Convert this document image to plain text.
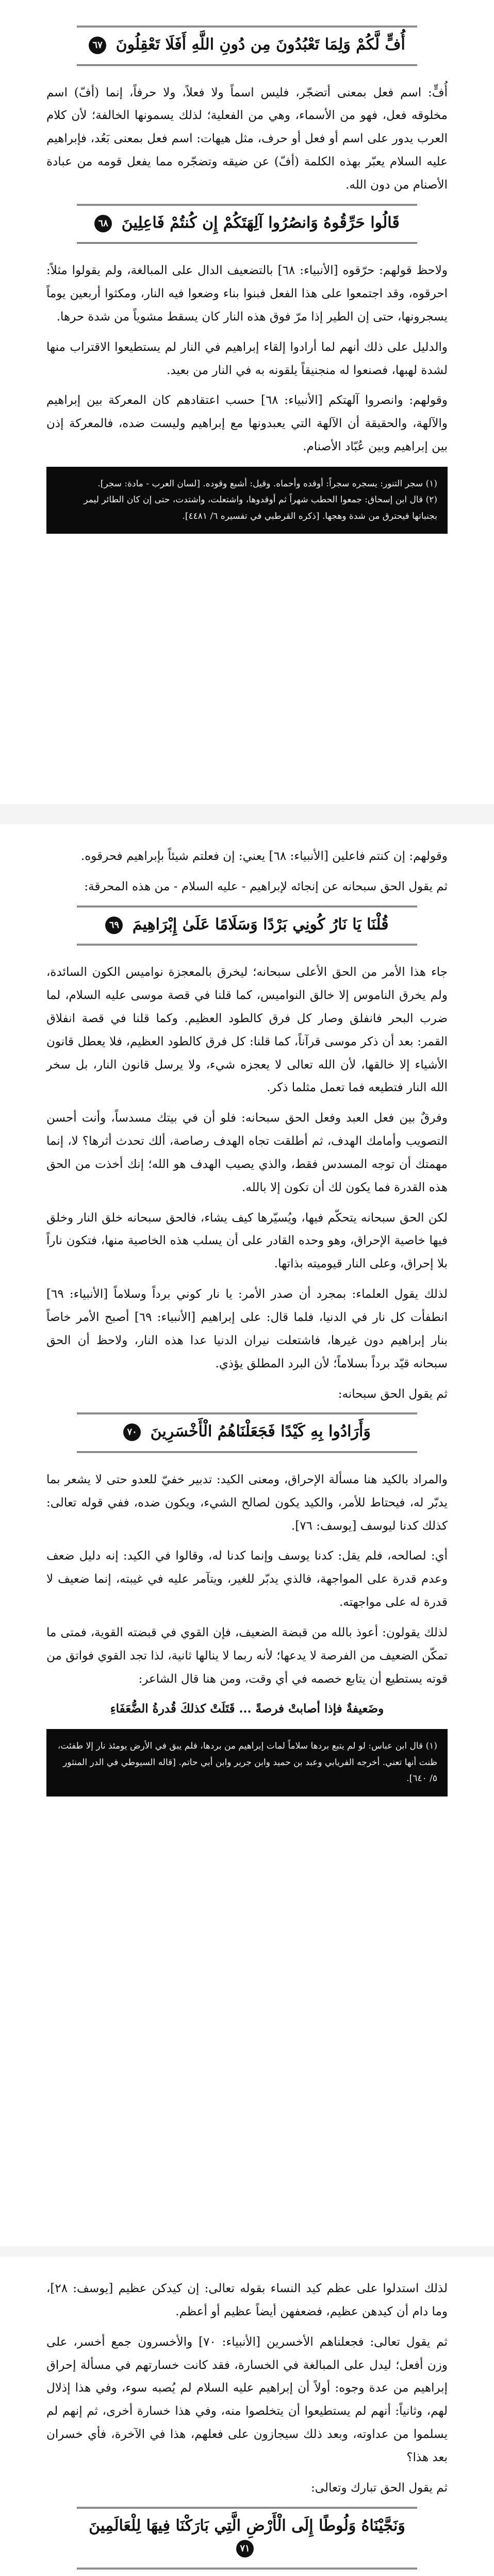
أُفٍّ لَّكُمْ وَلِمَا تَعْبُدُونَ مِن دُونِ اللَّهِ أَفَلَا تَعْقِلُونَ ٦٧

أُفٍّ: اسم فعل بمعنى أتضجّر، فليس اسماً ولا فعلاً، ولا حرفاً، إنما (أفّ) اسم مخلوقه فعل، فهو من الأسماء، وهي من الفعلية؛ لذلك يسمونها الخالفة؛ لأن كلام العرب يدور على اسم أو فعل أو حرف، مثل هيهات: اسم فعل بمعنى بَعُد، فإبراهيم عليه السلام يعبّر بهذه الكلمة (أفّ) عن ضيقه وتضجّره مما يفعل قومه من عبادة الأصنام من دون الله.

قَالُوا حَرِّقُوهُ وَانصُرُوا آلِهَتَكُمْ إِن كُنتُمْ فَاعِلِينَ ٦٨

ولاحظ قولهم: حرّقوه [الأنبياء: ٦٨] بالتضعيف الدال على المبالغة، ولم يقولوا مثلاً: احرقوه، وقد اجتمعوا على هذا الفعل فبنوا بناء وضعوا فيه النار، ومكثوا أربعين يوماً يسجرونها، حتى إن الطير إذا مرّ فوق هذه النار كان يسقط مشوياً من شدة حرها.

والدليل على ذلك أنهم لما أرادوا إلقاء إبراهيم في النار لم يستطيعوا الاقتراب منها لشدة لهبها، فصنعوا له منجنيقاً يلقونه به في النار من بعيد.

وقولهم: وانصروا آلهتكم [الأنبياء: ٦٨] حسب اعتقادهم كان المعركة بين إبراهيم والآلهة، والحقيقة أن الآلهة التي يعبدونها مع إبراهيم وليست ضده، فالمعركة إذن بين إبراهيم وبين عُبّاد الأصنام.

(١) سجر التنور: يسجره سجراً: أوقده وأحماه. وقيل: أشبع وقوده. [لسان العرب - مادة: سجر].
(٢) قال ابن إسحاق: جمعوا الحطب شهراً ثم أوقدوها، واشتعلت، واشتدت، حتى إن كان الطائر ليمر بجنباتها فيحترق من شدة وهجها. [ذكره القرطبي في تفسيره ٦/ ٤٤٨١].

وقولهم: إن كنتم فاعلين [الأنبياء: ٦٨] يعني: إن فعلتم شيئاً بإبراهيم فحرقوه.

ثم يقول الحق سبحانه عن إنجائه لإبراهيم - عليه السلام - من هذه المحرقة:

قُلْنَا يَا نَارُ كُونِي بَرْدًا وَسَلَامًا عَلَىٰ إِبْرَاهِيمَ ٦٩

جاء هذا الأمر من الحق الأعلى سبحانه؛ ليخرق بالمعجزة نواميس الكون السائدة، ولم يخرق الناموس إلا خالق النواميس، كما قلنا في قصة موسى عليه السلام، لما ضرب البحر فانفلق وصار كل فرق كالطود العظيم. وكما قلنا في قصة انفلاق القمر: بعد أن ذكر موسى قرآناً، كما قلنا: كل فرق كالطود العظيم، فلا يعطل قانون الأشياء إلا خالقها، لأن الله تعالى لا يعجزه شيء، ولا يرسل قانون النار، بل سخر الله النار فتطيعه فما تعمل مثلما ذكر.

وفرقٌ بين فعل العبد وفعل الحق سبحانه: فلو أن في بيتك مسدساً، وأنت أحسن التصويب وأمامك الهدف، ثم أطلقت تجاه الهدف رصاصة، ألك تحدث أثرها؟ لا، إنما مهمتك أن توجه المسدس فقط، والذي يصيب الهدف هو الله؛ إنك أخذت من الحق هذه القدرة فما يكون لك أن تكون إلا بالله.

لكن الحق سبحانه يتحكّم فيها، ويُسيّرها كيف يشاء، فالحق سبحانه خلق النار وخلق فيها خاصية الإحراق، وهو وحده القادر على أن يسلب هذه الخاصية منها، فتكون ناراً بلا إحراق، وعلى النار قيوميته بذاتها.

لذلك يقول العلماء: بمجرد أن صدر الأمر: يا نار كوني برداً وسلاماً [الأنبياء: ٦٩] انطفأت كل نار في الدنيا، فلما قال: على إبراهيم [الأنبياء: ٦٩] أصبح الأمر خاصاً بنار إبراهيم دون غيرها، فاشتعلت نيران الدنيا عدا هذه النار، ولاحظ أن الحق سبحانه قيّد برداً بسلاماً؛ لأن البرد المطلق يؤذي.

ثم يقول الحق سبحانه:

وَأَرَادُوا بِهِ كَيْدًا فَجَعَلْنَاهُمُ الْأَخْسَرِينَ ٧٠

والمراد بالكيد هنا مسألة الإحراق، ومعنى الكيد: تدبير خفيّ للعدو حتى لا يشعر بما يدبّر له، فيحتاط للأمر، والكيد يكون لصالح الشيء، ويكون ضده، ففي قوله تعالى: كذلك كدنا ليوسف [يوسف: ٧٦].

أي: لصالحه، فلم يقل: كدنا يوسف وإنما كدنا له، وقالوا في الكيد: إنه دليل ضعف وعدم قدرة على المواجهة، فالذي يدبّر للغير، ويتآمر عليه في غيبته، إنما ضعيف لا قدرة له على مواجهته.

لذلك يقولون: أعوذ بالله من قبضة الضعيف، فإن القوي في قبضته القوية، فمتى ما تمكّن الضعيف من الفرصة لا يدعها؛ لأنه ربما لا ينالها ثانية، لذا تجد القوي فواتق من قوته يستطيع أن يتابع خصمه في أي وقت، ومن هنا قال الشاعر:

وضَعيفةٌ فإذا أصابتْ فرصةً ... قَتَلَتْ كذلكَ قُدرةُ الضُّعَفَاءِ

(١) قال ابن عباس: لو لم يتبع بردها سلاماً لمات إبراهيم من بردها، فلم يبق في الأرض يومئذ نار إلا طفئت، ظنت أنها تعني. أخرجه الفريابي وعبد بن حميد وابن جرير وابن أبي حاتم. [قاله السيوطي في الدر المنثور ٥/ ٦٤٠].

لذلك استدلوا على عظم كيد النساء بقوله تعالى: إن كيدكن عظيم [يوسف: ٢٨]، وما دام أن كيدهن عظيم، فضعفهن أيضاً عظيم أو أعظم.

ثم يقول تعالى: فجعلناهم الأخسرين [الأنبياء: ٧٠] والأخسرون جمع أخسر، على وزن أفعل؛ ليدل على المبالغة في الخسارة، فقد كانت خسارتهم في مسألة إحراق إبراهيم من عدة وجوه: أولاً أن إبراهيم عليه السلام لم يُصبه سوء، وفي هذا إذلال لهم، وثانياً: أنهم لم يستطيعوا أن يتخلصوا منه، وفي هذا خسارة أخرى، ثم إنهم لم يسلموا من عداوته، وبعد ذلك سيجازون على فعلهم، هذا في الآخرة، فأي خسران بعد هذا؟

ثم يقول الحق تبارك وتعالى:

وَنَجَّيْنَاهُ وَلُوطًا إِلَى الْأَرْضِ الَّتِي بَارَكْنَا فِيهَا لِلْعَالَمِينَ ٧١
